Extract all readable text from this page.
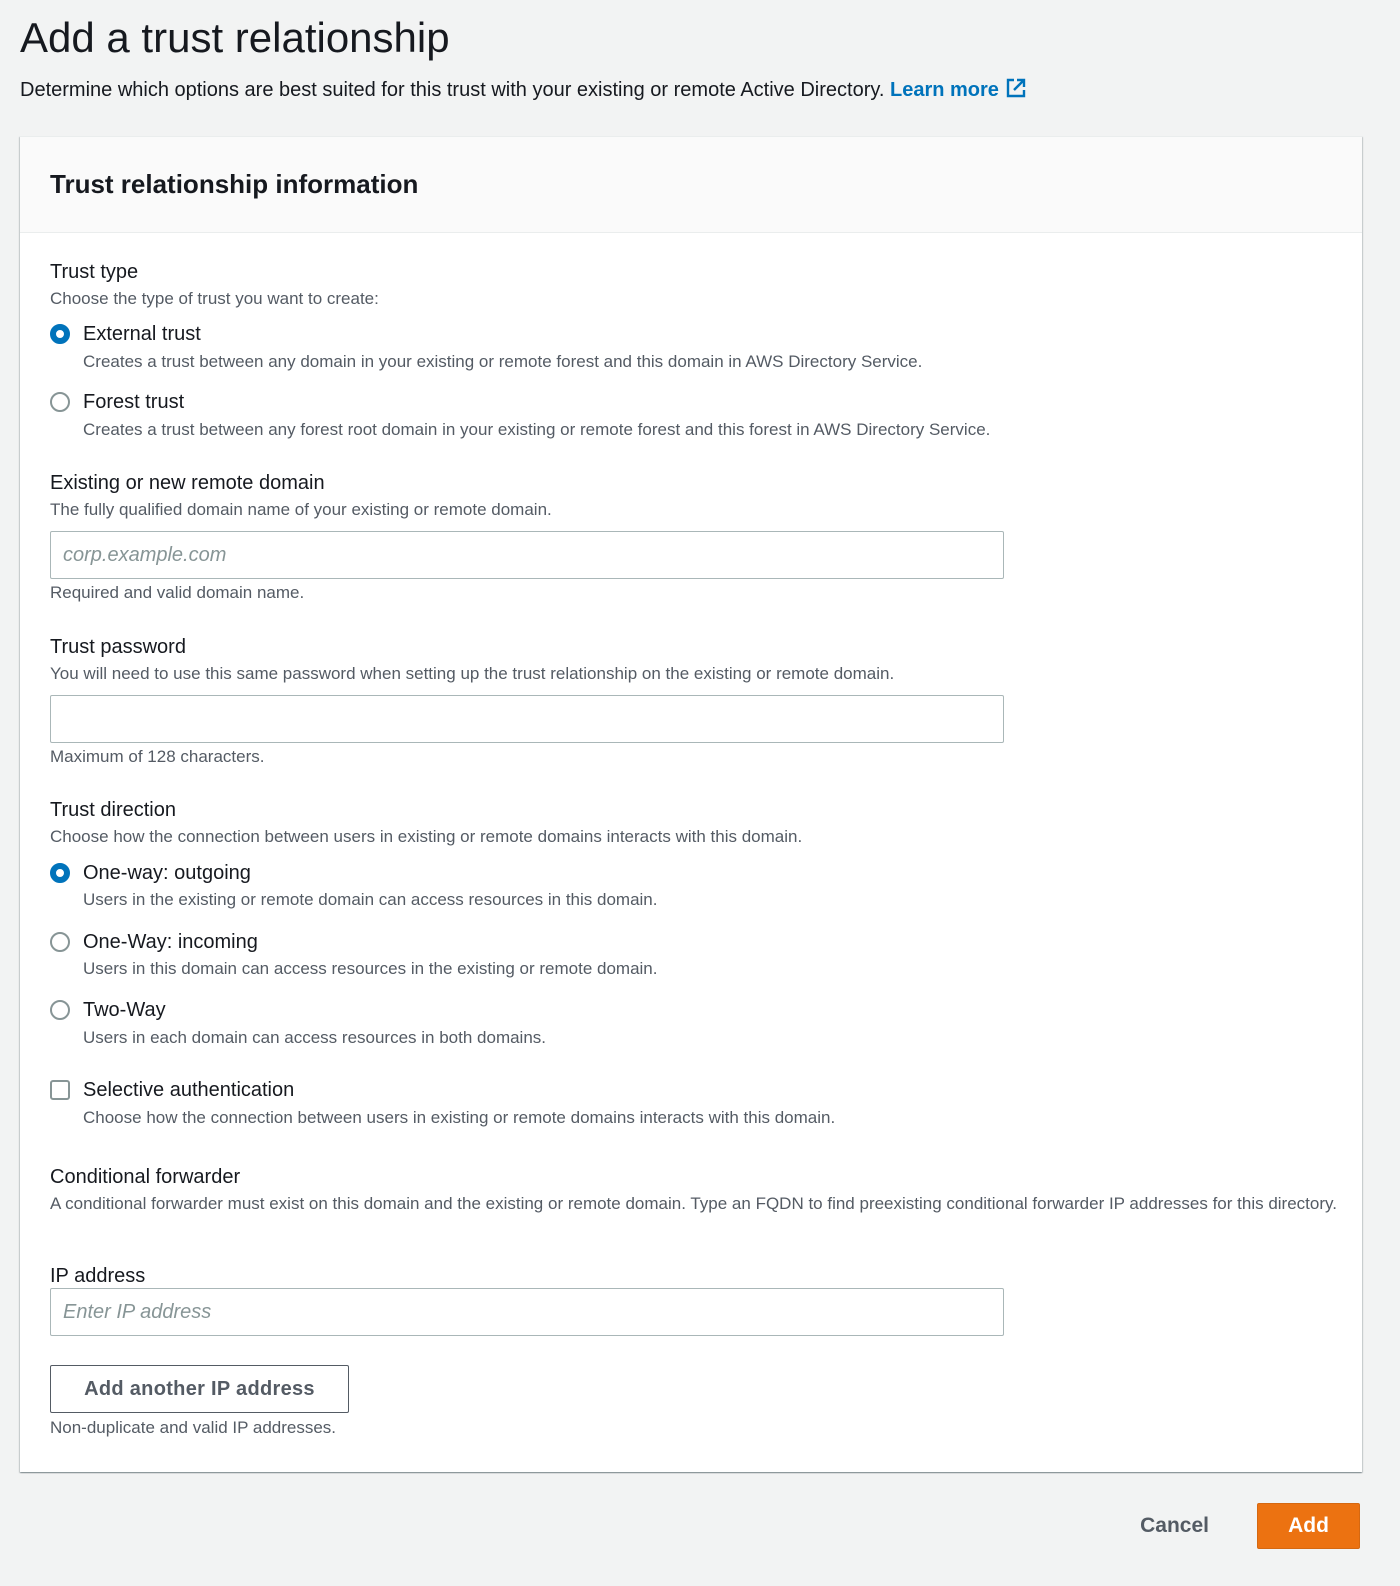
Add a trust relationship
Determine which options are best suited for this trust with your existing or remote Active Directory. Learn more
Trust relationship information
Trust type
Choose the type of trust you want to create:
External trust
Creates a trust between any domain in your existing or remote forest and this domain in AWS Directory Service.
Forest trust
Creates a trust between any forest root domain in your existing or remote forest and this forest in AWS Directory Service.
Existing or new remote domain
The fully qualified domain name of your existing or remote domain.
corp.example.com
Required and valid domain name.
Trust password
You will need to use this same password when setting up the trust relationship on the existing or remote domain.
Maximum of 128 characters.
Trust direction
Choose how the connection between users in existing or remote domains interacts with this domain.
One-way: outgoing
Users in the existing or remote domain can access resources in this domain.
One-Way: incoming
Users in this domain can access resources in the existing or remote domain.
Two-Way
Users in each domain can access resources in both domains.
Selective authentication
Choose how the connection between users in existing or remote domains interacts with this domain.
Conditional forwarder
A conditional forwarder must exist on this domain and the existing or remote domain. Type an FQDN to find preexisting conditional forwarder IP addresses for this directory.
IP address
Enter IP address
Add another IP address
Non-duplicate and valid IP addresses.
Cancel	Add
